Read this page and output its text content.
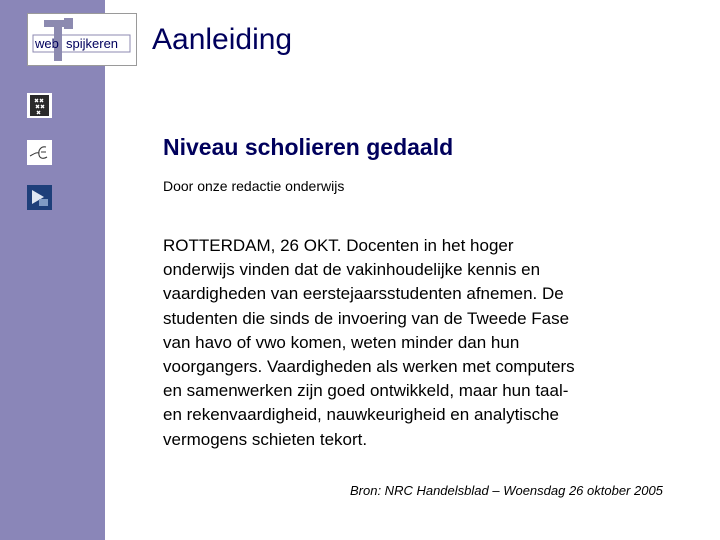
web spijkeren Aanleiding
Niveau scholieren gedaald
Door onze redactie onderwijs
ROTTERDAM, 26 OKT. Docenten in het hoger
onderwijs vinden dat de vakinhoudelijke kennis en
vaardigheden van eerstejaarsstudenten afnemen. De
studenten die sinds de invoering van de Tweede Fase
van havo of vwo komen, weten minder dan hun
voorgangers. Vaardigheden als werken met computers
en samenwerken zijn goed ontwikkeld, maar hun taal-
en rekenvaardigheid, nauwkeurigheid en analytische
vermogens schieten tekort.
Bron: NRC Handelsblad – Woensdag 26 oktober 2005
